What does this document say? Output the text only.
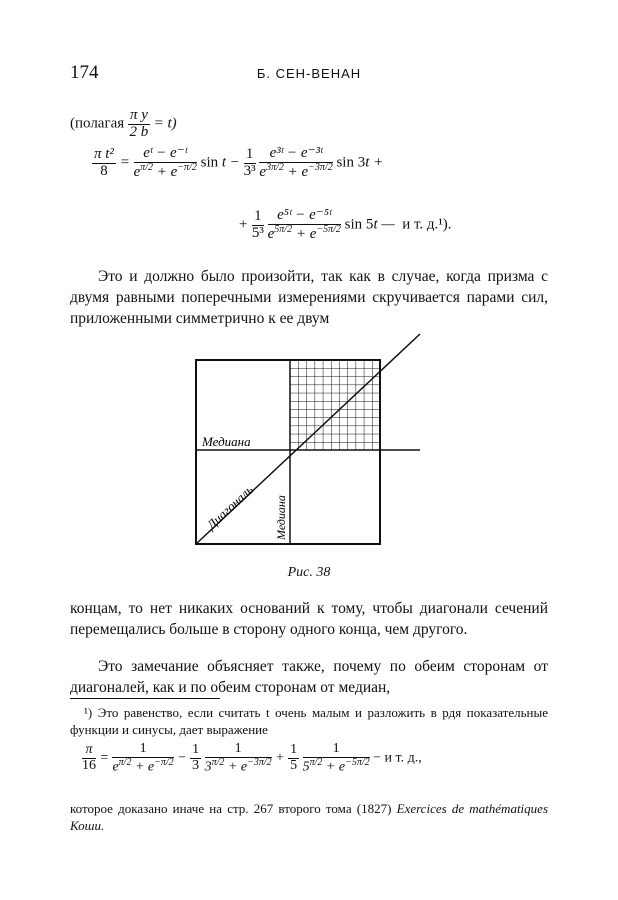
174	Б. СЕН-ВЕНАН
(полагая $\frac{\text{π y}}{2 b} = t$)
$\frac{\text{π t²}}{8} = \frac{\text{eᵗ − e⁻ᵗ}}{e^{\pi/2} + e^{-\pi/2}}$ $\sin t - \frac{1}{\text{3³}}$
$\frac{\text{e³ᵗ − e⁻³ᵗ}}{e^{3\pi/2} + e^{-3\pi/2}}$ sin 3t +
+ $\frac{1}{\text{5³}}$
$\frac{\text{e⁵ᵗ − e⁻⁵ᵗ}}{e^{5\pi/2} + e^{-5\pi/2}}$ sin 5t —  и т. д.¹).

Это и должно было произойти, так как в случае, когда призма с двумя равными поперечными измерениями скручивается парами сил, приложенными симметрично к ее двум

Медиана
Диагональ Медиана
Рис. 38

концам, то нет никаких оснований к тому, чтобы диагонали сечений перемещались больше в сторону одного конца, чем другого.

Это замечание объясняет также, почему по обеим сторонам от диагоналей, как и по обеим сторонам от медиан,

¹) Это равенство, если считать t очень малым и разложить в рдя показательные функции и синусы, дает выражение

$\frac{\pi}{16} = \frac{1}{e^{\pi/2} + e^{-\pi/2}} - \frac{1}{3}$
$\frac{1}{3^{\pi/2} + e^{-3\pi/2}} + \frac{1}{5}$
$\frac{1}{5^{\pi/2} + e^{-5\pi/2}} - и$ т. д.,
которое доказано иначе на стр. 267 второго тома (1827) Exercices de mathématiques Коши.
